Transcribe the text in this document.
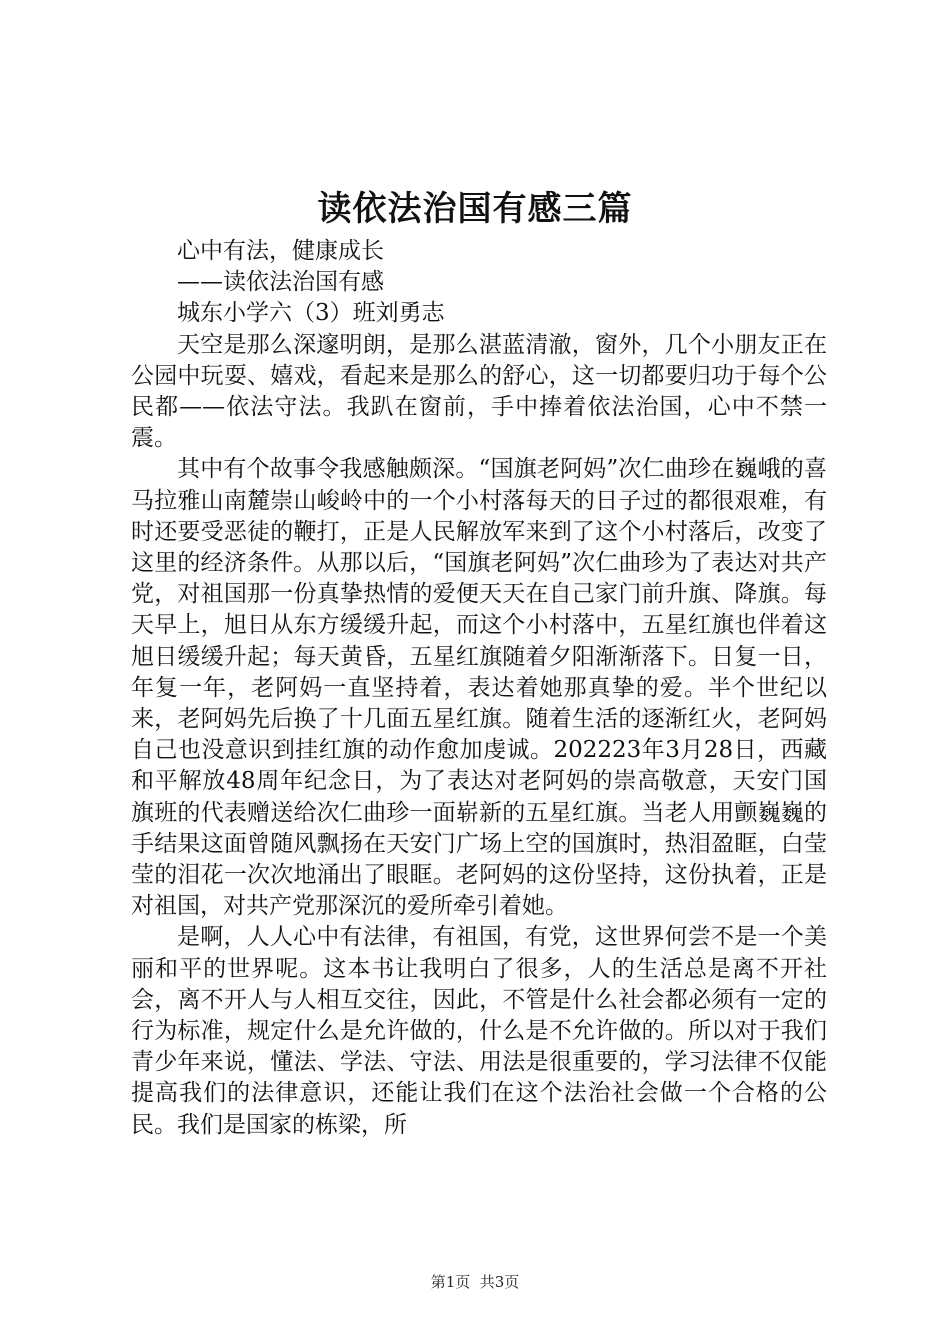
读依法治国有感三篇

心中有法，健康成长

——读依法治国有感

城东小学六（3）班刘勇志

天空是那么深邃明朗，是那么湛蓝清澈，窗外，几个小朋友正在公园中玩耍、嬉戏，看起来是那么的舒心，这一切都要归功于每个公民都——依法守法。我趴在窗前，手中捧着依法治国，心中不禁一震。

其中有个故事令我感触颇深。“国旗老阿妈”次仁曲珍在巍峨的喜马拉雅山南麓崇山峻岭中的一个小村落每天的日子过的都很艰难，有时还要受恶徒的鞭打，正是人民解放军来到了这个小村落后，改变了这里的经济条件。从那以后，“国旗老阿妈”次仁曲珍为了表达对共产党，对祖国那一份真挚热情的爱便天天在自己家门前升旗、降旗。每天早上，旭日从东方缓缓升起，而这个小村落中，五星红旗也伴着这旭日缓缓升起；每天黄昏，五星红旗随着夕阳渐渐落下。日复一日，年复一年，老阿妈一直坚持着，表达着她那真挚的爱。半个世纪以来，老阿妈先后换了十几面五星红旗。随着生活的逐渐红火，老阿妈自己也没意识到挂红旗的动作愈加虔诚。202223年3月28日，西藏和平解放48周年纪念日，为了表达对老阿妈的崇高敬意，天安门国旗班的代表赠送给次仁曲珍一面崭新的五星红旗。当老人用颤巍巍的手结果这面曾随风飘扬在天安门广场上空的国旗时，热泪盈眶，白莹莹的泪花一次次地涌出了眼眶。老阿妈的这份坚持，这份执着，正是对祖国，对共产党那深沉的爱所牵引着她。

是啊，人人心中有法律，有祖国，有党，这世界何尝不是一个美丽和平的世界呢。这本书让我明白了很多，人的生活总是离不开社会，离不开人与人相互交往，因此，不管是什么社会都必须有一定的行为标准，规定什么是允许做的，什么是不允许做的。所以对于我们青少年来说，懂法、学法、守法、用法是很重要的，学习法律不仅能提高我们的法律意识，还能让我们在这个法治社会做一个合格的公民。我们是国家的栋梁，所

第1页  共3页
